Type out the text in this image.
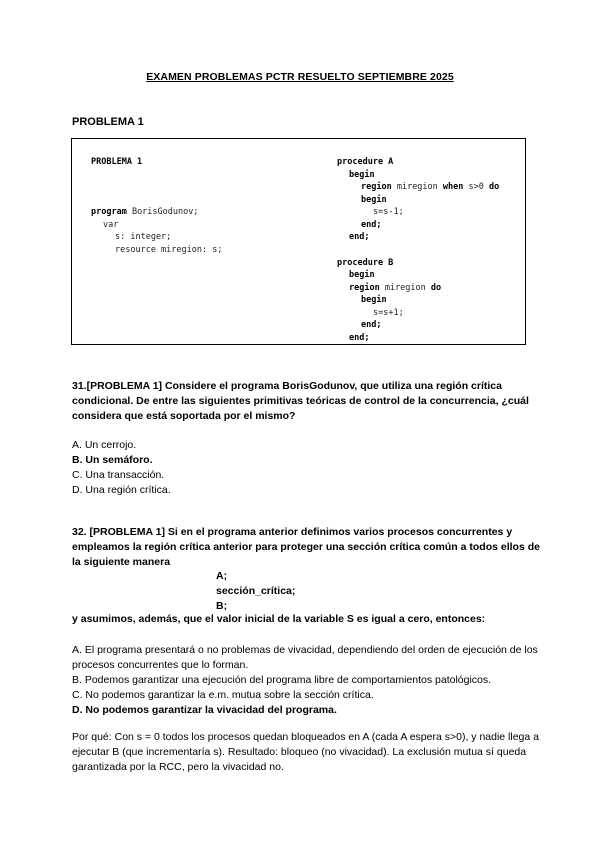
EXAMEN PROBLEMAS PCTR RESUELTO SEPTIEMBRE 2025
PROBLEMA 1
PROBLEMA 1
program BorisGodunov;
var
s: integer;
resource miregion: s;
procedure A
begin
region miregion when s>0 do
begin
s=s-1;
end;
end;
procedure B
begin
region miregion do
begin
s=s+1;
end;
end;
31.[PROBLEMA 1] Considere el programa BorisGodunov, que utiliza una región crítica condicional. De entre las siguientes primitivas teóricas de control de la concurrencia, ¿cuál considera que está soportada por el mismo?
A. Un cerrojo.
B. Un semáforo.
C. Una transacción.
D. Una región crítica.
32. [PROBLEMA 1] Si en el programa anterior definimos varios procesos concurrentes y empleamos la región crítica anterior para proteger una sección crítica común a todos ellos de la siguiente manera
A;
sección_crítica;
B;
y asumimos, además, que el valor inicial de la variable S es igual a cero, entonces:
A. El programa presentará o no problemas de vivacidad, dependiendo del orden de ejecución de los procesos concurrentes que lo forman.
B. Podemos garantizar una ejecución del programa libre de comportamientos patológicos.
C. No podemos garantizar la e.m. mutua sobre la sección crítica.
D. No podemos garantizar la vivacidad del programa.
Por qué: Con s = 0 todos los procesos quedan bloqueados en A (cada A espera s>0), y nadie llega a ejecutar B (que incrementaría s). Resultado: bloqueo (no vivacidad). La exclusión mutua sí queda garantizada por la RCC, pero la vivacidad no.
